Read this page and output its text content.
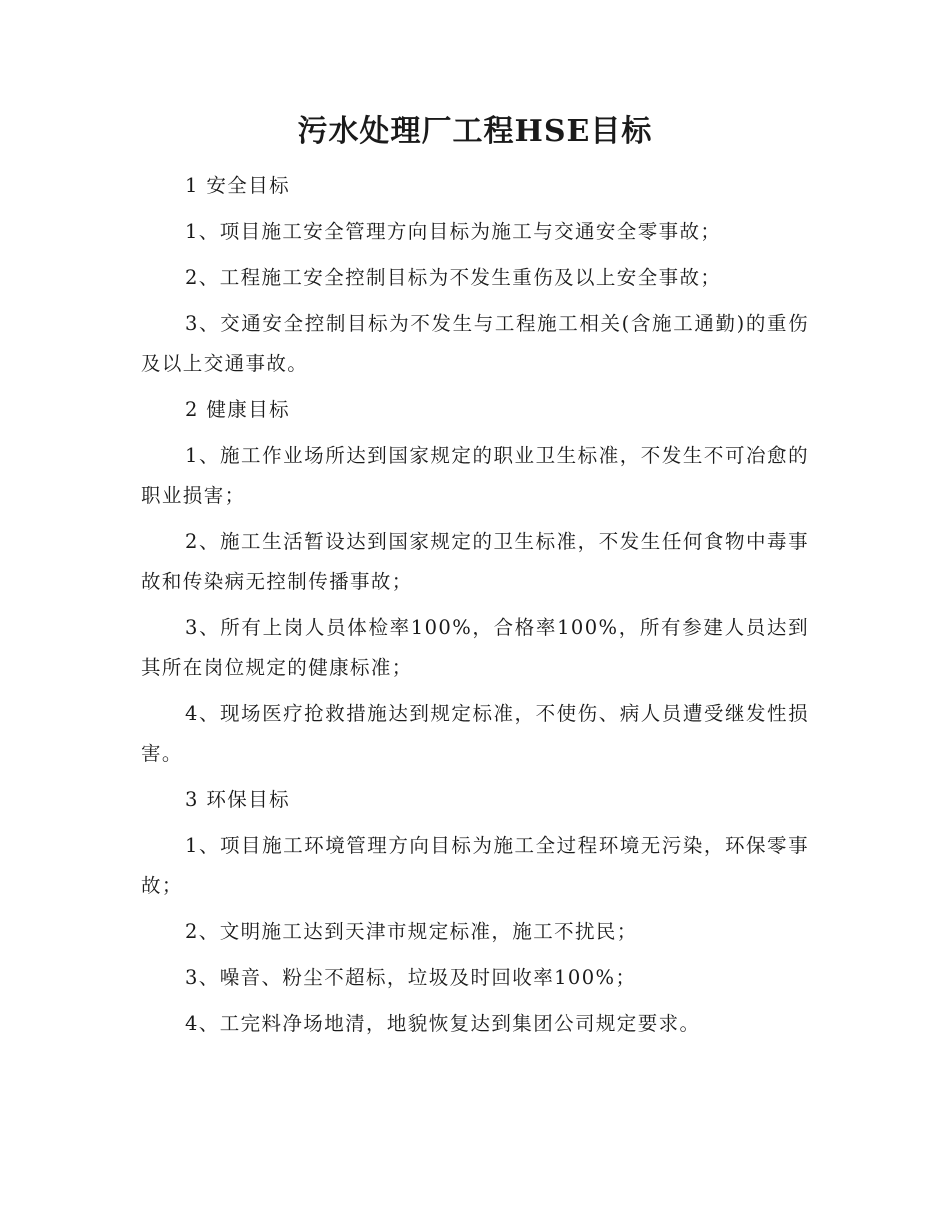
污水处理厂工程HSE目标

1 安全目标

1、项目施工安全管理方向目标为施工与交通安全零事故；

2、工程施工安全控制目标为不发生重伤及以上安全事故；

3、交通安全控制目标为不发生与工程施工相关(含施工通勤)的重伤及以上交通事故。

2 健康目标

1、施工作业场所达到国家规定的职业卫生标准，不发生不可冶愈的职业损害；

2、施工生活暂设达到国家规定的卫生标准，不发生任何食物中毒事故和传染病无控制传播事故；

3、所有上岗人员体检率100%，合格率100%，所有参建人员达到其所在岗位规定的健康标准；

4、现场医疗抢救措施达到规定标准，不使伤、病人员遭受继发性损害。

3 环保目标

1、项目施工环境管理方向目标为施工全过程环境无污染，环保零事故；

2、文明施工达到天津市规定标准，施工不扰民；

3、噪音、粉尘不超标，垃圾及时回收率100%；

4、工完料净场地清，地貌恢复达到集团公司规定要求。
